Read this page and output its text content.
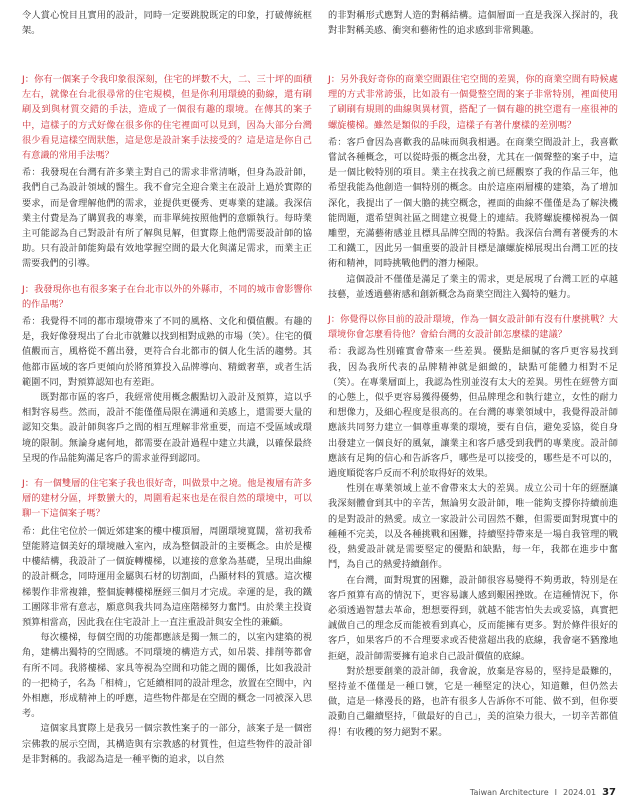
令人賞心悅目且實用的設計，同時一定要跳脫既定的印象，打破傳統框架。
的非對稱形式應對人造的對稱結構。這個層面一直是我深入探討的，我對非對稱美感、衝突和藝術性的追求感到非常興趣。

J：你有一個案子令我印象很深刻，住宅的坪數不大，二、三十坪的面積左右，就像在台北很尋常的住宅規模，但是你利用環繞的動線，還有刷刷及到與材質交錯的手法，造成了一個很有趣的環境。在傳其的案子中，這樣子的方式好像在很多你的住宅裡面可以見到，因為大部分台灣很少看見這樣空間狀態，這是您是設計案手法接受的？這是這是你自己有意識的常用手法嗎？

希：我發現在台灣有許多業主對自己的需求非常清晰，但身為設計師，我們自己為設計領域的醫生。我不會完全迎合業主在設計上過於實際的要求，而是會理解他們的需求，並提供更優秀、更專業的建議。我深信業主付費是為了購買我的專業，而非單純按照他們的意願執行。每時業主可能認為自己對設計有所了解與見解，但實際上他們需要設計師的協助。只有設計師能夠最有效地掌握空間的最大化與滿足需求，而業主正需要我們的引導。

J：我發現你也有很多案子在台北市以外的外縣市，不同的城市會影響你的作品嗎？

希：我覺得不同的都市環境帶來了不同的風格、文化和價值觀。有趣的是，我好像發現出了台北市就難以找到相對成熟的市場（笑）。住宅的價值觀而言，風格從不舊出發，更符合台北都市的個人化生活的趨勢。其他都市區域的客戶更傾向於將預算投入品牌導向、精緻奢華，或者生活範圍不同，對預算認知也有差距。

既對都市區的客戶，我經常使用概念觀點切入設計及預算，這以乎相對容易些。然而，設計不能僅僅局限在溝通和美感上，還需要大量的認知交集。設計師與客戶之間的相互理解非常重要，而這不受區域或環境的限制。無論身處何地，都需要在設計過程中建立共識，以確保最終呈現的作品能夠滿足客戶的需求並得到認同。

J：有一個雙層的住宅案子我也很好奇，叫做景中之境。他是複層有許多層的建材分區，坪數蠻大的，周圍看起來也是在很自然的環境中，可以聊一下這個案子嗎？

希：此住宅位於一個近郊建案的樓中樓頂層，周圍環境寬闊，當初我希望能將這個美好的環境融入室內，成為整個設計的主要概念。由於是樓中樓結構，我設計了一個旋轉樓梯，以連接的意象為基礎，呈現出曲線的設計概念，同時運用金屬與石材的切割面，凸顯材料的質感。這次樓梯製作非常複雜，整個旋轉樓梯歷經三個月才完成。幸運的是，我的鐵工團隊非常有意志，願意與我共同為這座階梯努力奮鬥。由於業主投資預算相當高，因此我在住宅設計上一直注重設計與安全性的兼顧。

每次樓梯，每個空間的功能都應該是獨一無二的，以室內建築的視角，建構出獨特的空間感。不同環境的構造方式，如吊裝、排削等都會有所不同。我將樓梯、家具等視為空間和功能之間的關係，比如我設計的一把椅子，名為「相椅」，它延續相同的設計理念，放置在空間中，內外相應，形成精神上的呼應，這些物件都是在空間的概念一同被深入思考。

這個家具實際上是我另一個宗教性案子的一部分，該案子是一個密宗佛教的展示空間，其構造與有宗教感的材質性，但這些物件的設計卻是非對稱的。我認為這是一種平衡的追求，以自然

J：另外我好奇你的商業空間跟住宅空間的差異，你的商業空間有時候處理的方式非常誇張，比如設有一個覺整空間的案子非常特別，裡面使用了刷刷有規則的曲線與異材質，搭配了一個有趣的挑空還有一座很神的螺旋樓梯。雖然是類似的手段，這樣子有著什麼樣的差別嗎？

希：客戶會因為喜歡我的品味而與我相遇。在商業空間設計上，我喜歡嘗試各種概念，可以從時張的概念出發，尤其在一個聲整的案子中，這是一個比較特別的項目。業主在找我之前已經觀察了我的作品三年，他希望我能為他創造一個特別的概念。由於這座兩層樓的建築，為了增加深化，我提出了一個大膽的挑空概念，裡面的曲線不僅僅是為了解決機能問題，還希望與社區之間建立視覺上的連結。我將螺旋樓梯視為一個雕塑，充滿藝術感並且標具品牌空間的特點。我深信台灣有著優秀的木工和鐵工，因此另一個重要的設計目標是讓螺旋梯展現出台灣工匠的技術和精神，同時挑戰他們的潛力極限。

這個設計不僅僅是滿足了業主的需求，更是展現了台灣工匠的卓越技藝，並透過藝術感和創新概念為商業空間注入獨特的魅力。

J：你覺得以你目前的設計環境，作為一個女設計師有沒有什麼挑戰？大環境你會怎麼看待他？會給台灣的女設計師怎麼樣的建議？

希：我認為性別確實會帶來一些差異。優點是細膩的客戶更容易找到我，因為我所代表的品牌精神就是細緻的，缺點可能體力相對不足（笑）。在專業層面上，我認為性別並沒有太大的差異。男性在經營方面的心態上，似乎更容易獲得優勢，但品牌理念和執行建立，女性的耐力和想像力，及細心程度是很高的。在台灣的專業領域中，我覺得設計師應該共同努力建立一個尊重專業的環境，要有自信，避免妥協，從自身出發建立一個良好的風氣，讓業主和客戶感受到我們的專業度。設計師應該有足夠的信心和告訴客戶，哪些是可以接受的，哪些是不可以的，過度順從客戶反而不利於取得好的效果。

性別在專業領域上並不會帶來太大的差異。成立公司十年的經歷讓我深刻體會到其中的辛苦，無論男女設計師，唯一能夠支撐你持續前進的是對設計的熱愛。成立一家設計公司固然不難，但需要面對現實中的種種不完美，以及各種挑戰和困難，持續堅持帶來是一場自我管理的戰役，熱愛設計就是需要堅定的優點和缺點，每一年，我都在進步中奮鬥，為自己的熱愛持續創作。

在台灣，面對現實的困難，設計師很容易變得不夠勇敢，特別是在客戶預算有高的情況下，更容易讓人感到艱困挫敗。在這種情況下，你必須透過智慧去革命，想想要得到，就越不能害怕失去或妥協，真實把誠做自己的理念反而能被看到真心，反而能擁有更多。對於條件很好的客戶，如果客戶的不合理要求或否使當超出我的底線，我會毫不猶豫地拒絕，設計師需要擁有追求自己設計價值的底線。

對於想要創業的設計師，我會說，放棄是容易的，堅持是最難的，堅持並不僅僅是一種口號，它是一種堅定的決心，知道難，但仍然去做，這是一條漫長的路，也許有很多人告訴你不可能、做不到，但你要設動自己繼續堅持，「做最好的自己」，美的渲染力很大，一切辛苦都值得！有收穫的努力絕對不累。

Taiwan Architecture I 2024.01 37
